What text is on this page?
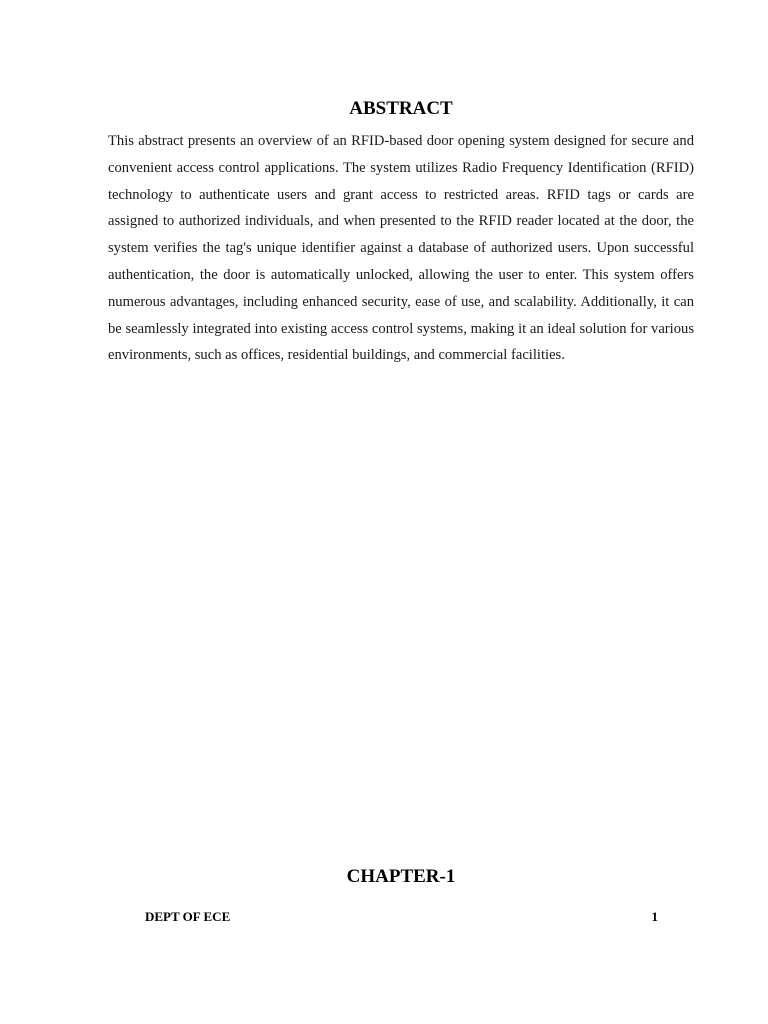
ABSTRACT

This abstract presents an overview of an RFID-based door opening system designed for secure and convenient access control applications. The system utilizes Radio Frequency Identification (RFID) technology to authenticate users and grant access to restricted areas. RFID tags or cards are assigned to authorized individuals, and when presented to the RFID reader located at the door, the system verifies the tag's unique identifier against a database of authorized users. Upon successful authentication, the door is automatically unlocked, allowing the user to enter. This system offers numerous advantages, including enhanced security, ease of use, and scalability. Additionally, it can be seamlessly integrated into existing access control systems, making it an ideal solution for various environments, such as offices, residential buildings, and commercial facilities.

CHAPTER-1
DEPT OF ECE	1
